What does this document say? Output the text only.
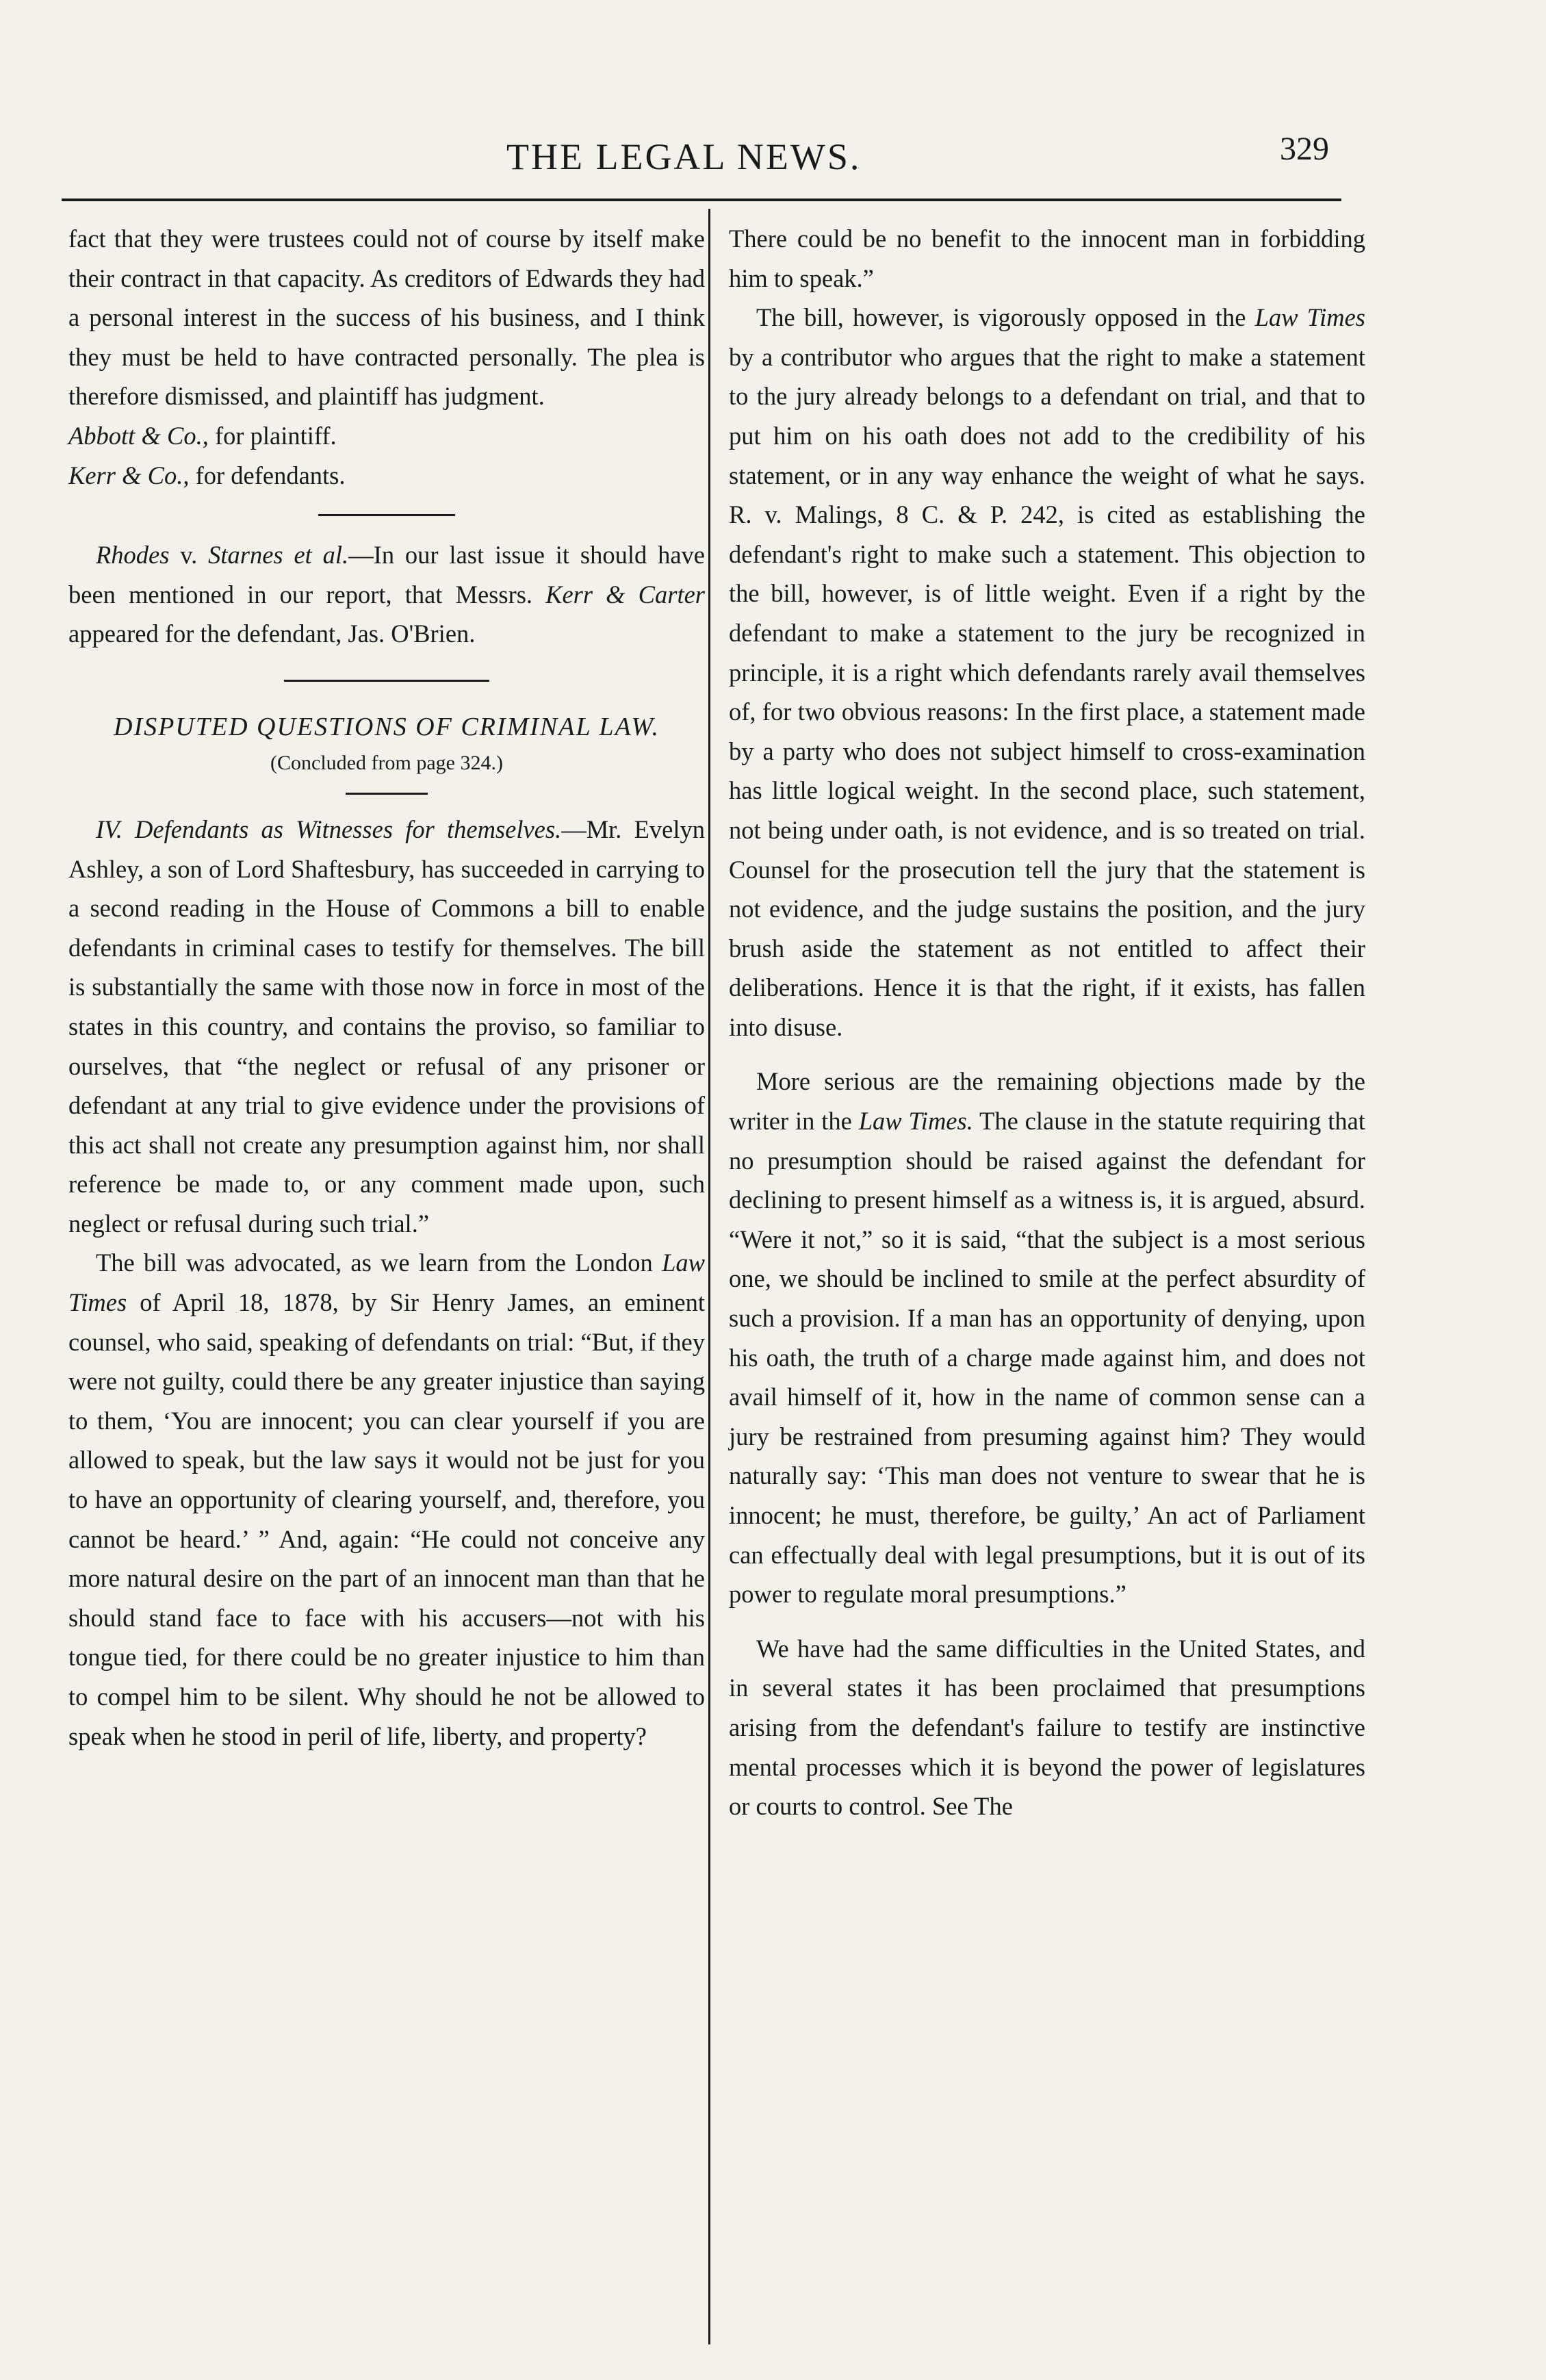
THE LEGAL NEWS.	329

fact that they were trustees could not of course by itself make their contract in that capacity. As creditors of Edwards they had a personal interest in the success of his business, and I think they must be held to have contracted personally. The plea is therefore dismissed, and plaintiff has judgment.

Abbott & Co., for plaintiff.

Kerr & Co., for defendants.

Rhodes v. Starnes et al.—In our last issue it should have been mentioned in our report, that Messrs. Kerr & Carter appeared for the defendant, Jas. O'Brien.

DISPUTED QUESTIONS OF CRIMINAL LAW.

(Concluded from page 324.)

IV. Defendants as Witnesses for themselves.—Mr. Evelyn Ashley, a son of Lord Shaftesbury, has succeeded in carrying to a second reading in the House of Commons a bill to enable defendants in criminal cases to testify for themselves. The bill is substantially the same with those now in force in most of the states in this country, and contains the proviso, so familiar to ourselves, that “the neglect or refusal of any prisoner or defendant at any trial to give evidence under the provisions of this act shall not create any presumption against him, nor shall reference be made to, or any comment made upon, such neglect or refusal during such trial.”

The bill was advocated, as we learn from the London Law Times of April 18, 1878, by Sir Henry James, an eminent counsel, who said, speaking of defendants on trial: “But, if they were not guilty, could there be any greater injustice than saying to them, ‘You are innocent; you can clear yourself if you are allowed to speak, but the law says it would not be just for you to have an opportunity of clearing yourself, and, therefore, you cannot be heard.’ ” And, again: “He could not conceive any more natural desire on the part of an innocent man than that he should stand face to face with his accusers—not with his tongue tied, for there could be no greater injustice to him than to compel him to be silent. Why should he not be allowed to speak when he stood in peril of life, liberty, and property?

There could be no benefit to the innocent man in forbidding him to speak.”

The bill, however, is vigorously opposed in the Law Times by a contributor who argues that the right to make a statement to the jury already belongs to a defendant on trial, and that to put him on his oath does not add to the credibility of his statement, or in any way enhance the weight of what he says. R. v. Malings, 8 C. & P. 242, is cited as establishing the defendant's right to make such a statement. This objection to the bill, however, is of little weight. Even if a right by the defendant to make a statement to the jury be recognized in principle, it is a right which defendants rarely avail themselves of, for two obvious reasons: In the first place, a statement made by a party who does not subject himself to cross-examination has little logical weight. In the second place, such statement, not being under oath, is not evidence, and is so treated on trial. Counsel for the prosecution tell the jury that the statement is not evidence, and the judge sustains the position, and the jury brush aside the statement as not entitled to affect their deliberations. Hence it is that the right, if it exists, has fallen into disuse.

More serious are the remaining objections made by the writer in the Law Times. The clause in the statute requiring that no presumption should be raised against the defendant for declining to present himself as a witness is, it is argued, absurd. “Were it not,” so it is said, “that the subject is a most serious one, we should be inclined to smile at the perfect absurdity of such a provision. If a man has an opportunity of denying, upon his oath, the truth of a charge made against him, and does not avail himself of it, how in the name of common sense can a jury be restrained from presuming against him? They would naturally say: ‘This man does not venture to swear that he is innocent; he must, therefore, be guilty,’ An act of Parliament can effectually deal with legal presumptions, but it is out of its power to regulate moral presumptions.”

We have had the same difficulties in the United States, and in several states it has been proclaimed that presumptions arising from the defendant's failure to testify are instinctive mental processes which it is beyond the power of legislatures or courts to control. See The
